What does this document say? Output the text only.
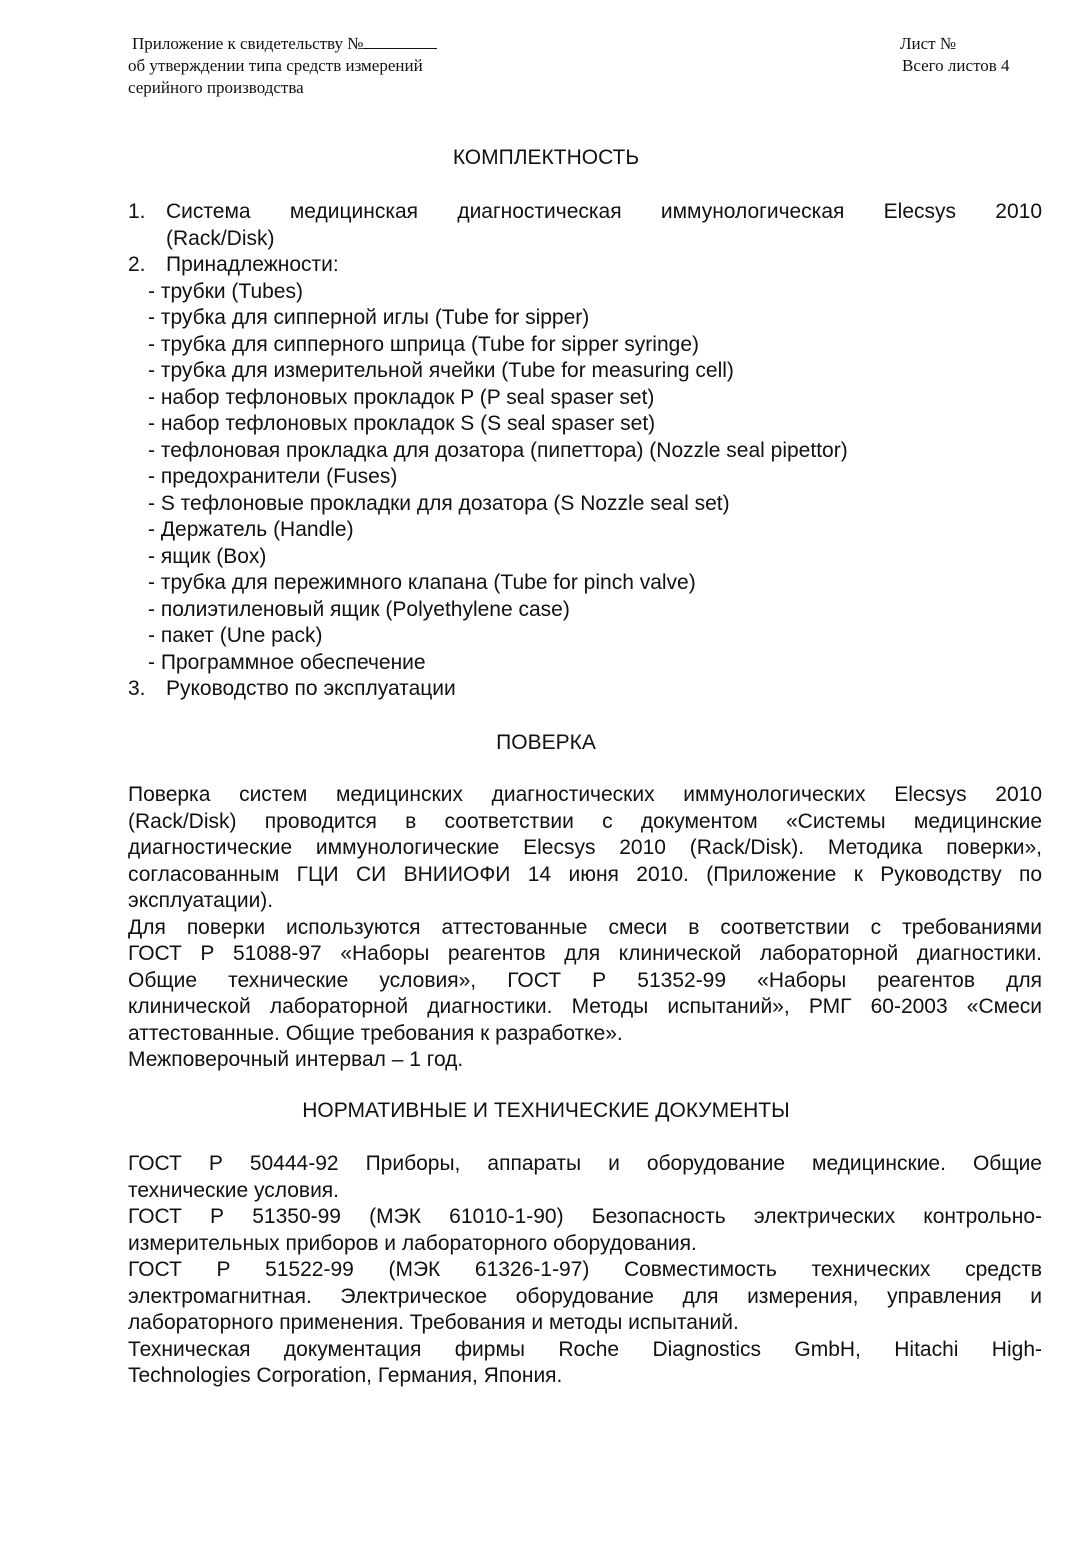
Приложение к свидетельству №
об утверждении типа средств измерений
серийного производства
Лист №
Всего листов 4
КОМПЛЕКТНОСТЬ
1. Система медицинская диагностическая иммунологическая Elecsys 2010
(Rack/Disk)
2. Принадлежности:
- трубки (Tubes)
- трубка для сипперной иглы (Tube for sipper)
- трубка для сипперного шприца (Tube for sipper syringe)
- трубка для измерительной ячейки (Tube for measuring cell)
- набор тефлоновых прокладок P (P seal spaser set)
- набор тефлоновых прокладок S (S seal spaser set)
- тефлоновая прокладка для дозатора (пипеттора) (Nozzle seal pipettor)
- предохранители (Fuses)
- S тефлоновые прокладки для дозатора (S Nozzle seal set)
- Держатель (Handle)
- ящик (Box)
- трубка для пережимного клапана (Tube for pinch valve)
- полиэтиленовый ящик (Polyethylene case)
- пакет (Une pack)
- Программное обеспечение
3. Руководство по эксплуатации
ПОВЕРКА
Поверка систем медицинских диагностических иммунологических Elecsys 2010
(Rack/Disk) проводится в соответствии с документом «Системы медицинские
диагностические иммунологические Elecsys 2010 (Rack/Disk). Методика поверки»,
согласованным ГЦИ СИ ВНИИОФИ 14 июня 2010. (Приложение к Руководству по
эксплуатации).
Для поверки используются аттестованные смеси в соответствии с требованиями
ГОСТ Р 51088-97 «Наборы реагентов для клинической лабораторной диагностики.
Общие технические условия», ГОСТ Р 51352-99 «Наборы реагентов для
клинической лабораторной диагностики. Методы испытаний», РМГ 60-2003 «Смеси
аттестованные. Общие требования к разработке».
Межповерочный интервал – 1 год.
НОРМАТИВНЫЕ И ТЕХНИЧЕСКИЕ ДОКУМЕНТЫ
ГОСТ Р 50444-92 Приборы, аппараты и оборудование медицинские. Общие
технические условия.
ГОСТ Р 51350-99 (МЭК 61010-1-90) Безопасность электрических контрольно-
измерительных приборов и лабораторного оборудования.
ГОСТ Р 51522-99 (МЭК 61326-1-97) Совместимость технических средств
электромагнитная. Электрическое оборудование для измерения, управления и
лабораторного применения. Требования и методы испытаний.
Техническая документация фирмы Roche Diagnostics GmbH, Hitachi High-
Technologies Corporation, Германия, Япония.
